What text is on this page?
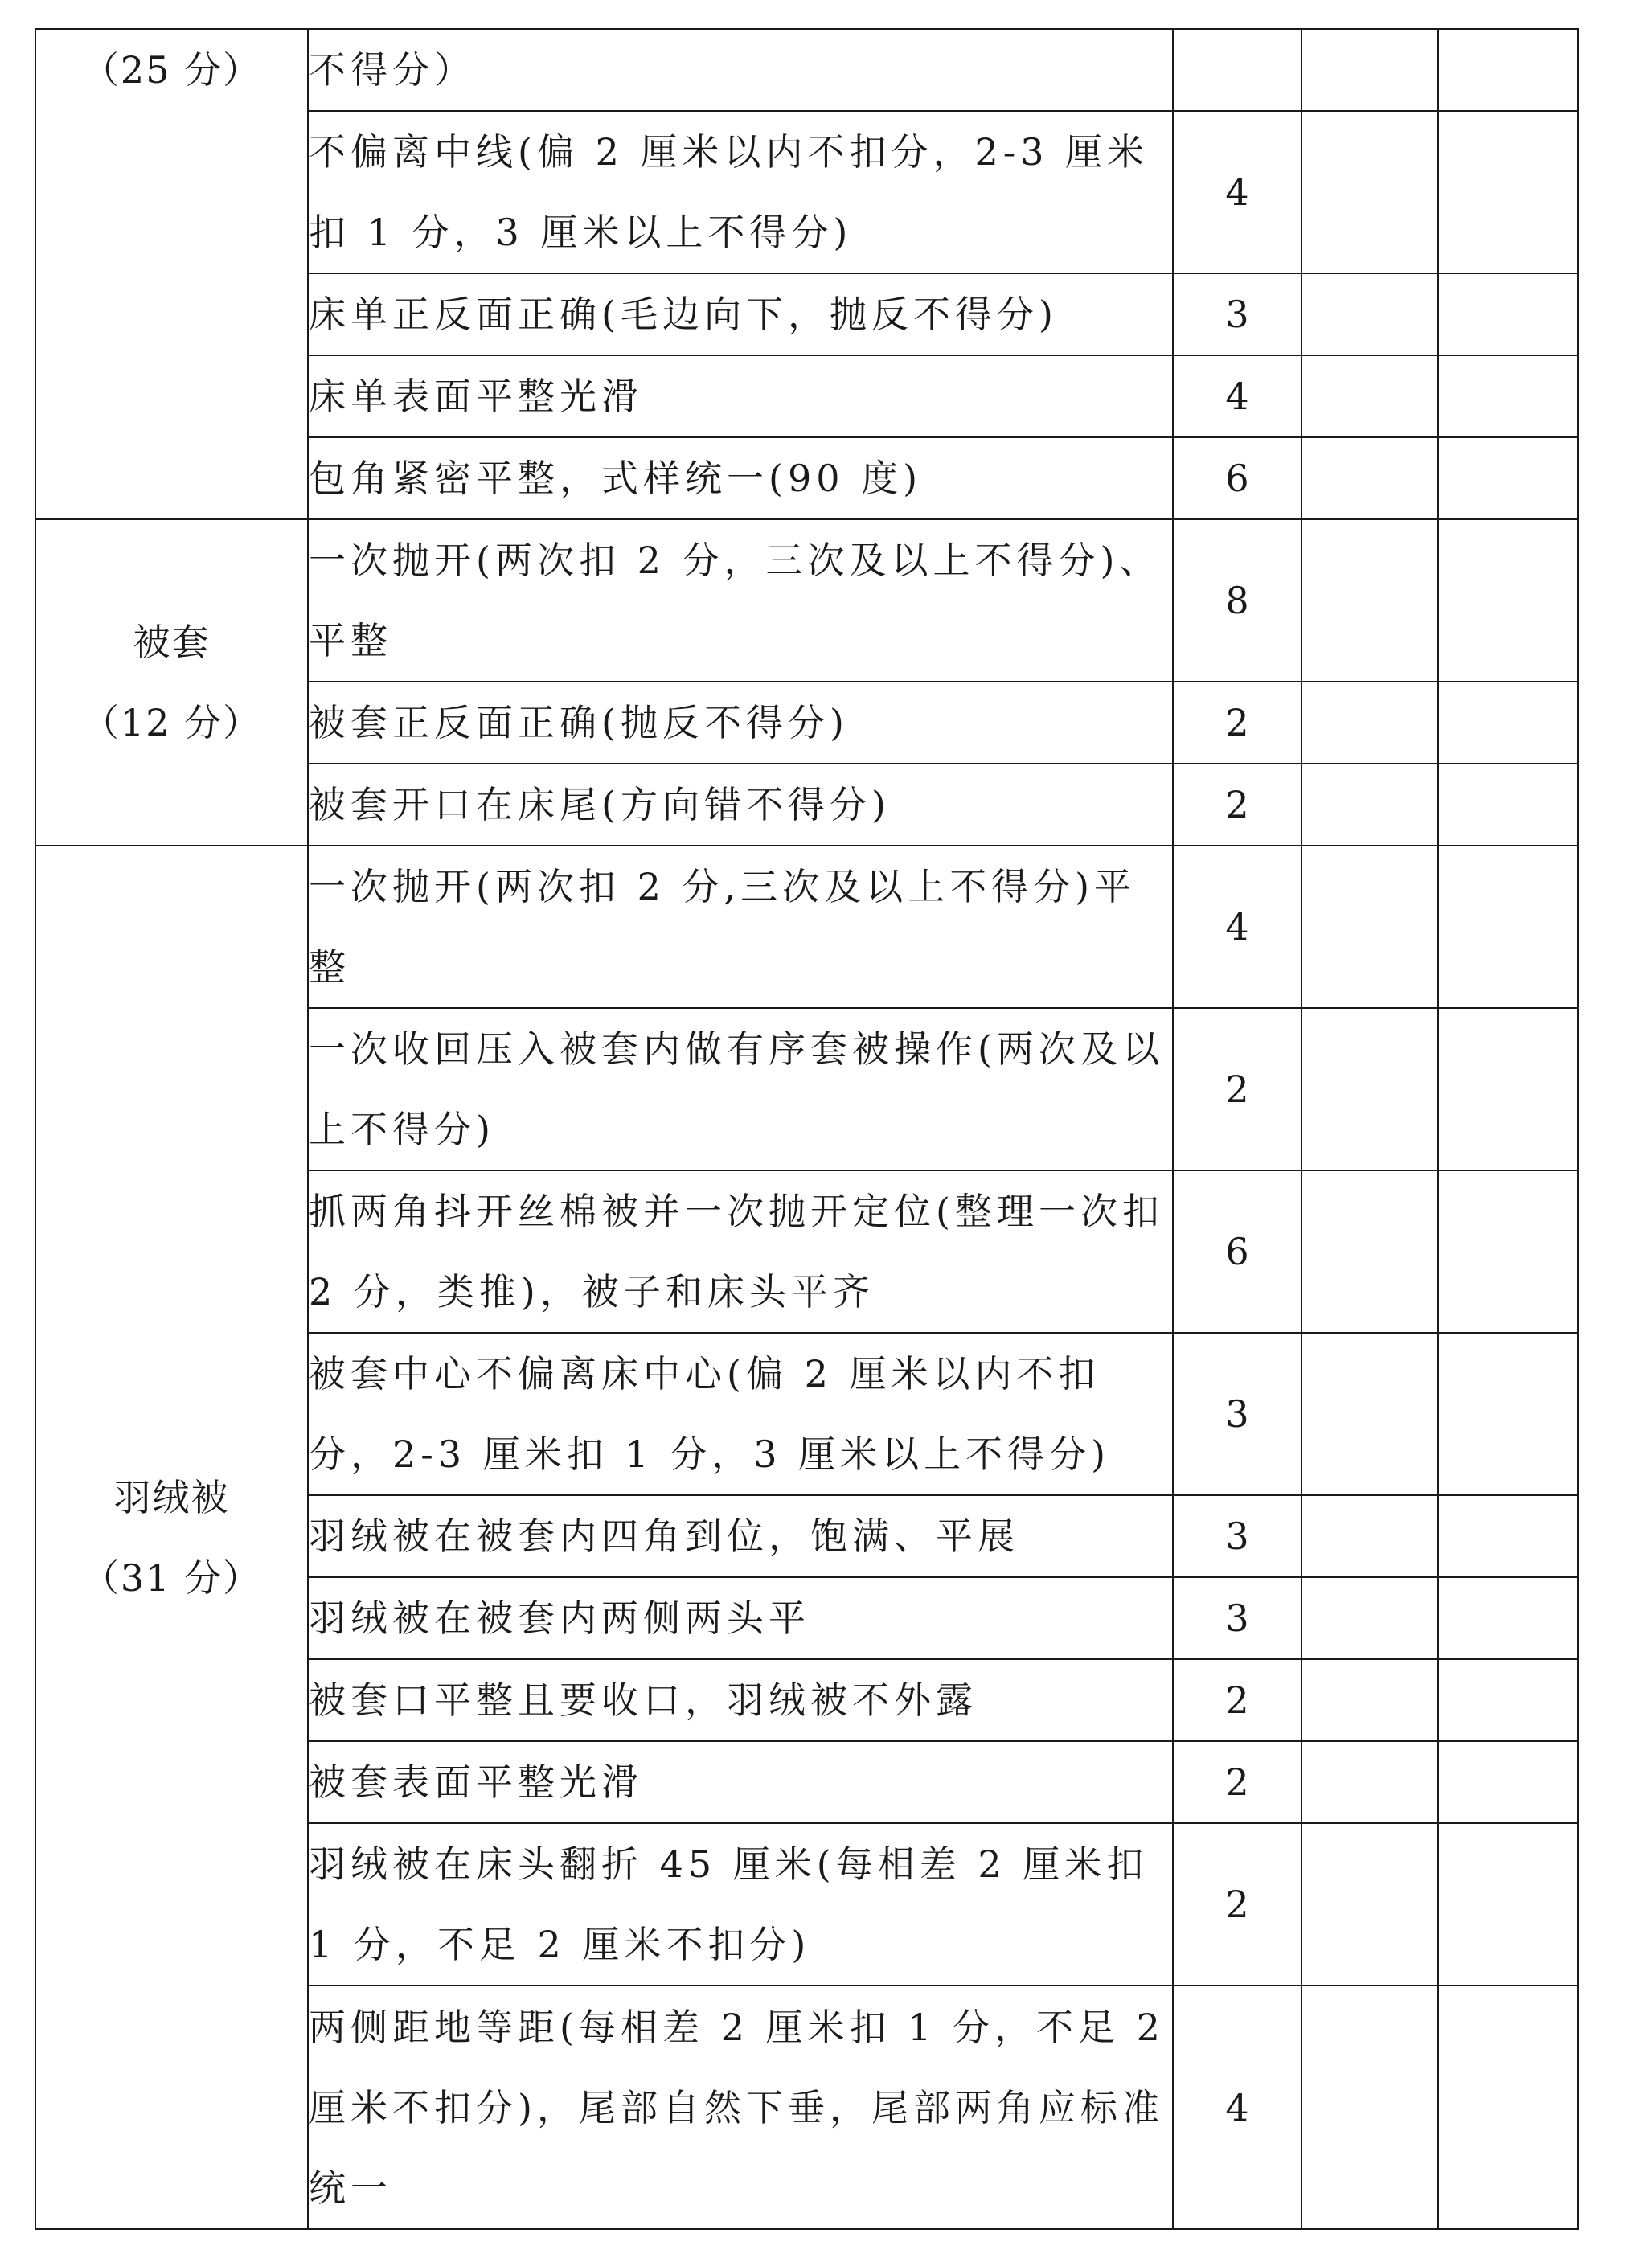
（25 分）	不得分）			
	不偏离中线(偏 2 厘米以内不扣分，2-3 厘米扣 1 分，3 厘米以上不得分)	4		
	床单正反面正确(毛边向下，抛反不得分)	3		
	床单表面平整光滑	4		
	包角紧密平整，式样统一(90 度)	6		

被套
（12 分）	一次抛开(两次扣 2 分，三次及以上不得分)、平整	8		
	被套正反面正确(抛反不得分)	2		
	被套开口在床尾(方向错不得分)	2		

羽绒被
（31 分）	一次抛开(两次扣 2 分,三次及以上不得分)平整	4		
	一次收回压入被套内做有序套被操作(两次及以上不得分)	2		
	抓两角抖开丝棉被并一次抛开定位(整理一次扣 2 分，类推)，被子和床头平齐	6		
	被套中心不偏离床中心(偏 2 厘米以内不扣分，2-3 厘米扣 1 分，3 厘米以上不得分)	3		
	羽绒被在被套内四角到位，饱满、平展	3		
	羽绒被在被套内两侧两头平	3		
	被套口平整且要收口，羽绒被不外露	2		
	被套表面平整光滑	2		
	羽绒被在床头翻折 45 厘米(每相差 2 厘米扣 1 分，不足 2 厘米不扣分)	2		
	两侧距地等距(每相差 2 厘米扣 1 分，不足 2 厘米不扣分)，尾部自然下垂，尾部两角应标准统一	4		
